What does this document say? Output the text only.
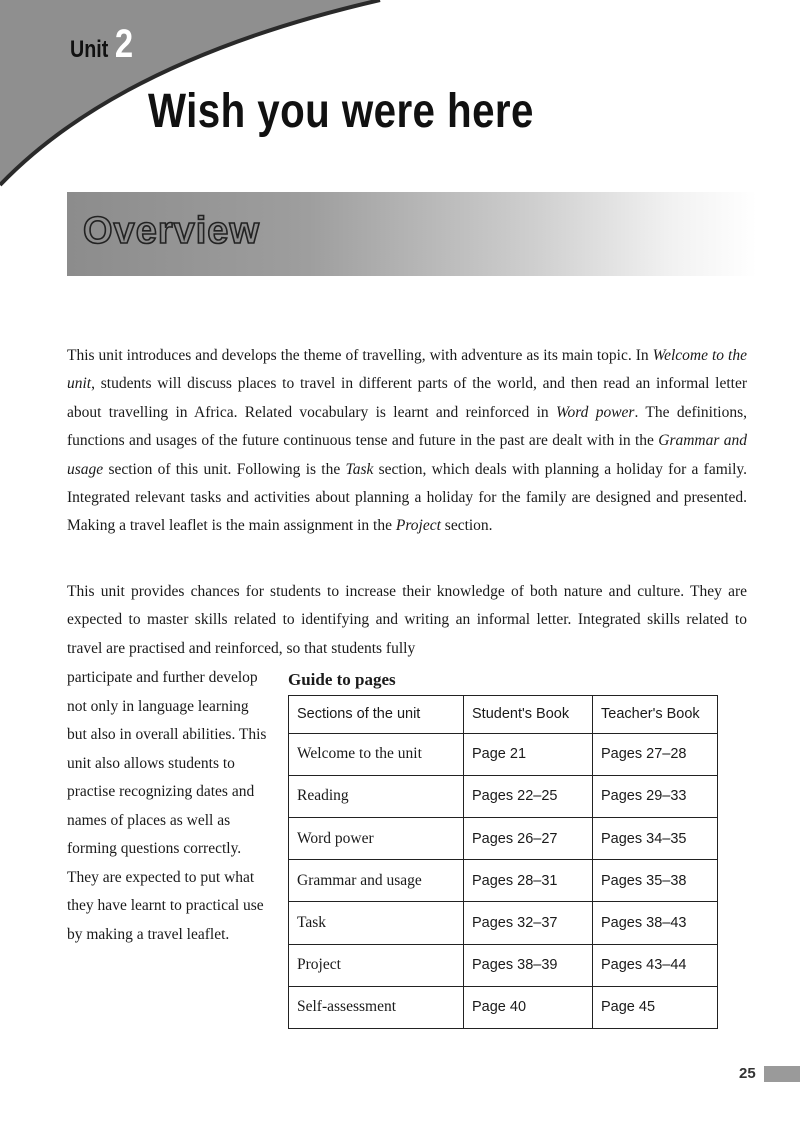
Unit 2
Wish you were here
Overview

This unit introduces and develops the theme of travelling, with adventure as its main topic. In Welcome to the unit, students will discuss places to travel in different parts of the world, and then read an informal letter about travelling in Africa. Related vocabulary is learnt and reinforced in Word power. The definitions, functions and usages of the future continuous tense and future in the past are dealt with in the Grammar and usage section of this unit. Following is the Task section, which deals with planning a holiday for a family. Integrated relevant tasks and activities about planning a holiday for the family are designed and presented. Making a travel leaflet is the main assignment in the Project section.

This unit provides chances for students to increase their knowledge of both nature and culture. They are expected to master skills related to identifying and writing an informal letter. Integrated skills related to travel are practised and reinforced, so that students fully

participate and further develop not only in language learning but also in overall abilities. This unit also allows students to practise recognizing dates and names of places as well as forming questions correctly. They are expected to put what they have learnt to practical use by making a travel leaflet.

Guide to pages
Sections of the unit	Student's Book	Teacher's Book
Welcome to the unit	Page 21	Pages 27–28
Reading	Pages 22–25	Pages 29–33
Word power	Pages 26–27	Pages 34–35
Grammar and usage	Pages 28–31	Pages 35–38
Task	Pages 32–37	Pages 38–43
Project	Pages 38–39	Pages 43–44
Self-assessment	Page 40	Page 45
25
